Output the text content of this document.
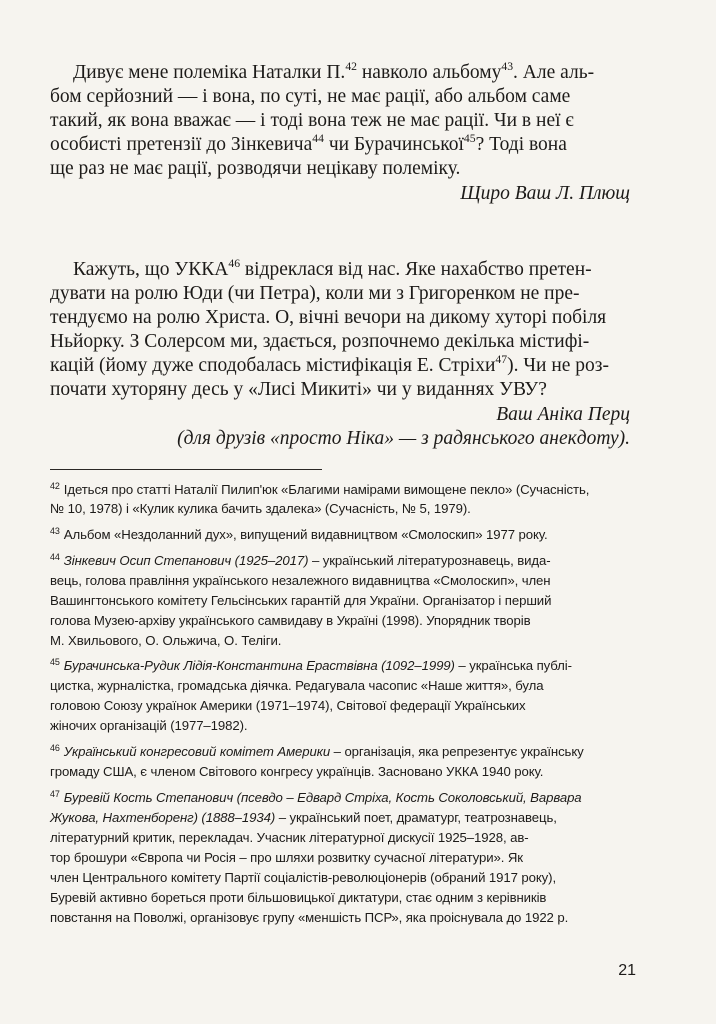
Дивує мене полеміка Наталки П.$^{42}$ навколо альбому$^{43}$. Але аль-

бом серйозний — і вона, по суті, не має рації, або альбом саме

такий, як вона вважає — і тоді вона теж не має рації. Чи в неї є

особисті претензії до Зінкевича$^{44}$ чи Бурачинської$^{45}$? Тоді вона

ще раз не має рації, розводячи нецікаву полеміку.

Щиро Ваш Л. Плющ

Кажуть, що УККА$^{46}$ відреклася від нас. Яке нахабство претен-

дувати на ролю Юди (чи Петра), коли ми з Григоренком не пре-

тендуємо на ролю Христа. О, вічні вечори на дикому хуторі побіля

Ньйорку. З Солерсом ми, здається, розпочнемо декілька містифі-

кацій (йому дуже сподобалась містифікація Е. Стріхи$^{47}$). Чи не роз-

почати хуторяну десь у «Лисі Микиті» чи у виданнях УВУ?

Ваш Аніка Перц

(для друзів «просто Ніка» — з радянського анекдоту).

$^{42}$ Ідеться про статті Наталії Пилип'юк «Благими намірами вимощене пекло» (Сучасність,

№ 10, 1978) і «Кулик кулика бачить здалека» (Сучасність, № 5, 1979).

$^{43}$ Альбом «Нездоланний дух», випущений видавництвом «Смолоскип» 1977 року.

$^{44}$ Зінкевич Осип Степанович (1925–2017) – український літературознавець, вида-

вець, голова правління українського незалежного видавництва «Смолоскип», член

Вашингтонського комітету Гельсінських гарантій для України. Організатор і перший

голова Музею-архіву українського самвидаву в Україні (1998). Упорядник творів

М. Хвильового, О. Ольжича, О. Теліги.

$^{45}$ Бурачинська-Рудик Лідія-Константина Ераствівна (1092–1999) – українська публі-

цистка, журналістка, громадська діячка. Редагувала часопис «Наше життя», була

головою Союзу українок Америки (1971–1974), Світової федерації Українських

жіночих організацій (1977–1982).

$^{46}$ Український конгресовий комітет Америки – організація, яка репрезентує українську

громаду США, є членом Світового конгресу українців. Засновано УККА 1940 року.

$^{47}$ Буревій Кость Степанович (псевдо – Едвард Стріха, Кость Соколовський, Варвара

Жукова, Нахтенборенг) (1888–1934) – український поет, драматург, театрознавець,

літературний критик, перекладач. Учасник літературної дискусії 1925–1928, ав-

тор брошури «Європа чи Росія – про шляхи розвитку сучасної літератури». Як

член Центрального комітету Партії соціалістів-революціонерів (обраний 1917 року),

Буревій активно бореться проти більшовицької диктатури, стає одним з керівників

повстання на Поволжі, організовує групу «меншість ПСР», яка проіснувала до 1922 р.

21
